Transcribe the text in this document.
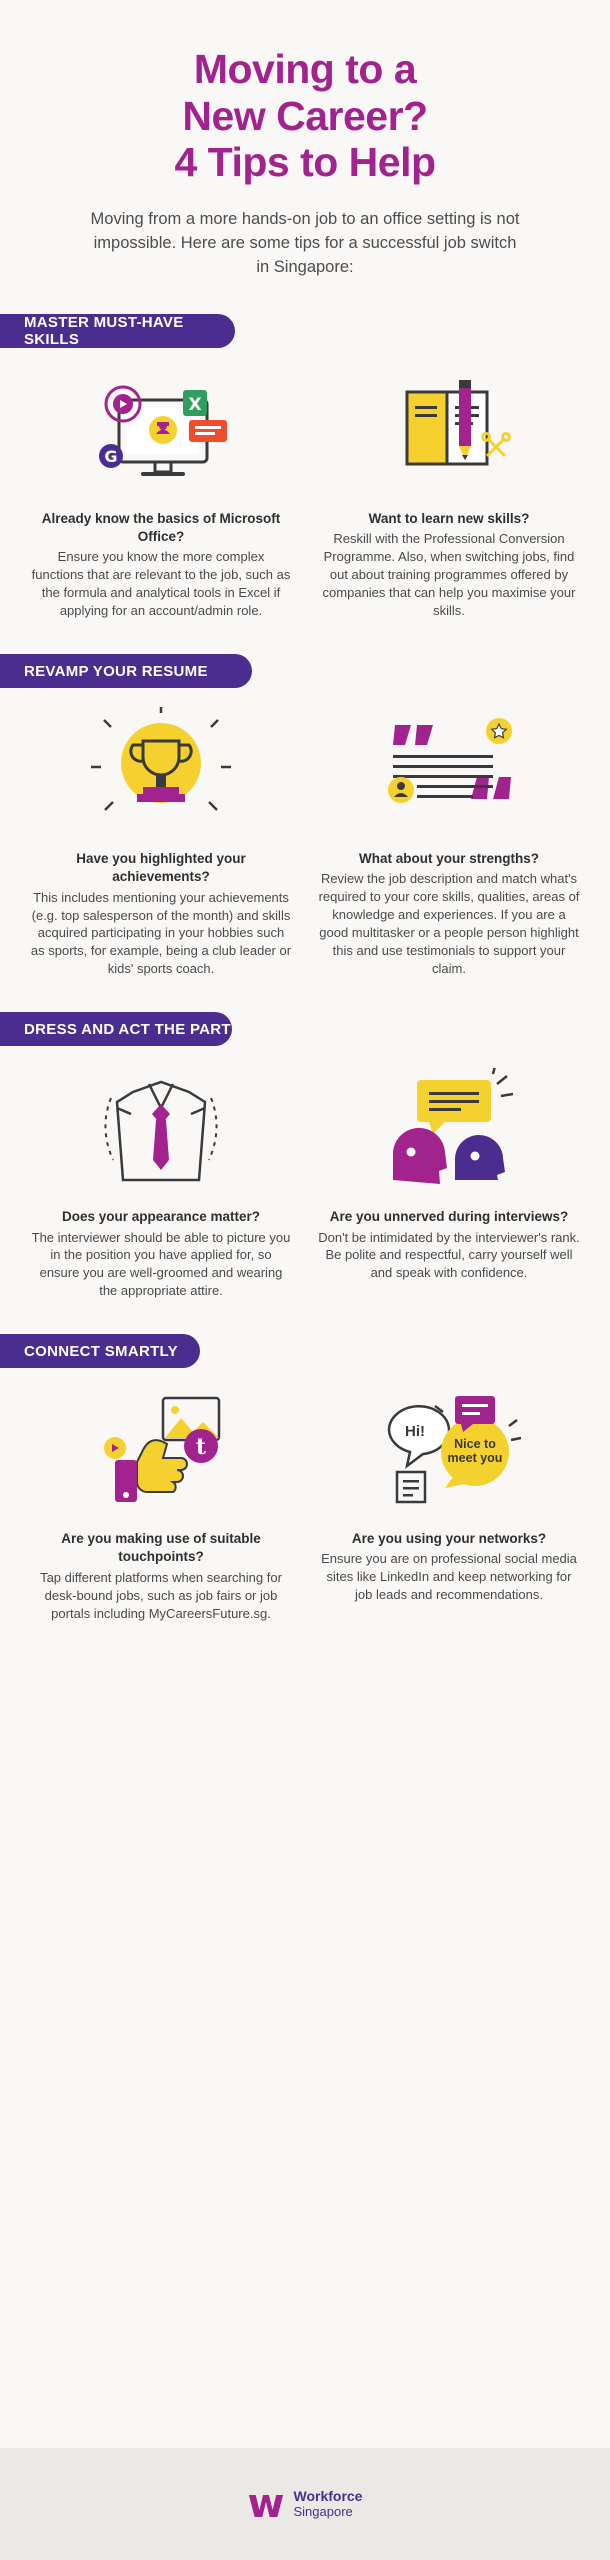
Moving to a
New Career?
4 Tips to Help

Moving from a more hands-on job to an office setting is not impossible. Here are some tips for a successful job switch in Singapore:

MASTER MUST-HAVE SKILLS
X
G
Already know the basics of Microsoft Office?
Ensure you know the more complex functions that are relevant to the job, such as the formula and analytical tools in Excel if applying for an account/admin role.
Want to learn new skills?
Reskill with the Professional Conversion Programme. Also, when switching jobs, find out about training programmes offered by companies that can help you maximise your skills.
REVAMP YOUR RESUME
Have you highlighted your achievements?
This includes mentioning your achievements (e.g. top salesperson of the month) and skills acquired participating in your hobbies such as sports, for example, being a club leader or kids' sports coach.
What about your strengths?
Review the job description and match what's required to your core skills, qualities, areas of knowledge and experiences. If you are a good multitasker or a people person highlight this and use testimonials to support your claim.
DRESS AND ACT THE PART
Does your appearance matter?
The interviewer should be able to picture you in the position you have applied for, so ensure you are well-groomed and wearing the appropriate attire.
Are you unnerved during interviews?
Don't be intimidated by the interviewer's rank. Be polite and respectful, carry yourself well and speak with confidence.
CONNECT SMARTLY
t
Are you making use of suitable touchpoints?
Tap different platforms when searching for desk-bound jobs, such as job fairs or job portals including MyCareersFuture.sg.
Hi!
Nice to
meet you
Are you using your networks?
Ensure you are on professional social media sites like LinkedIn and keep networking for job leads and recommendations.
w Workforce
Singapore
